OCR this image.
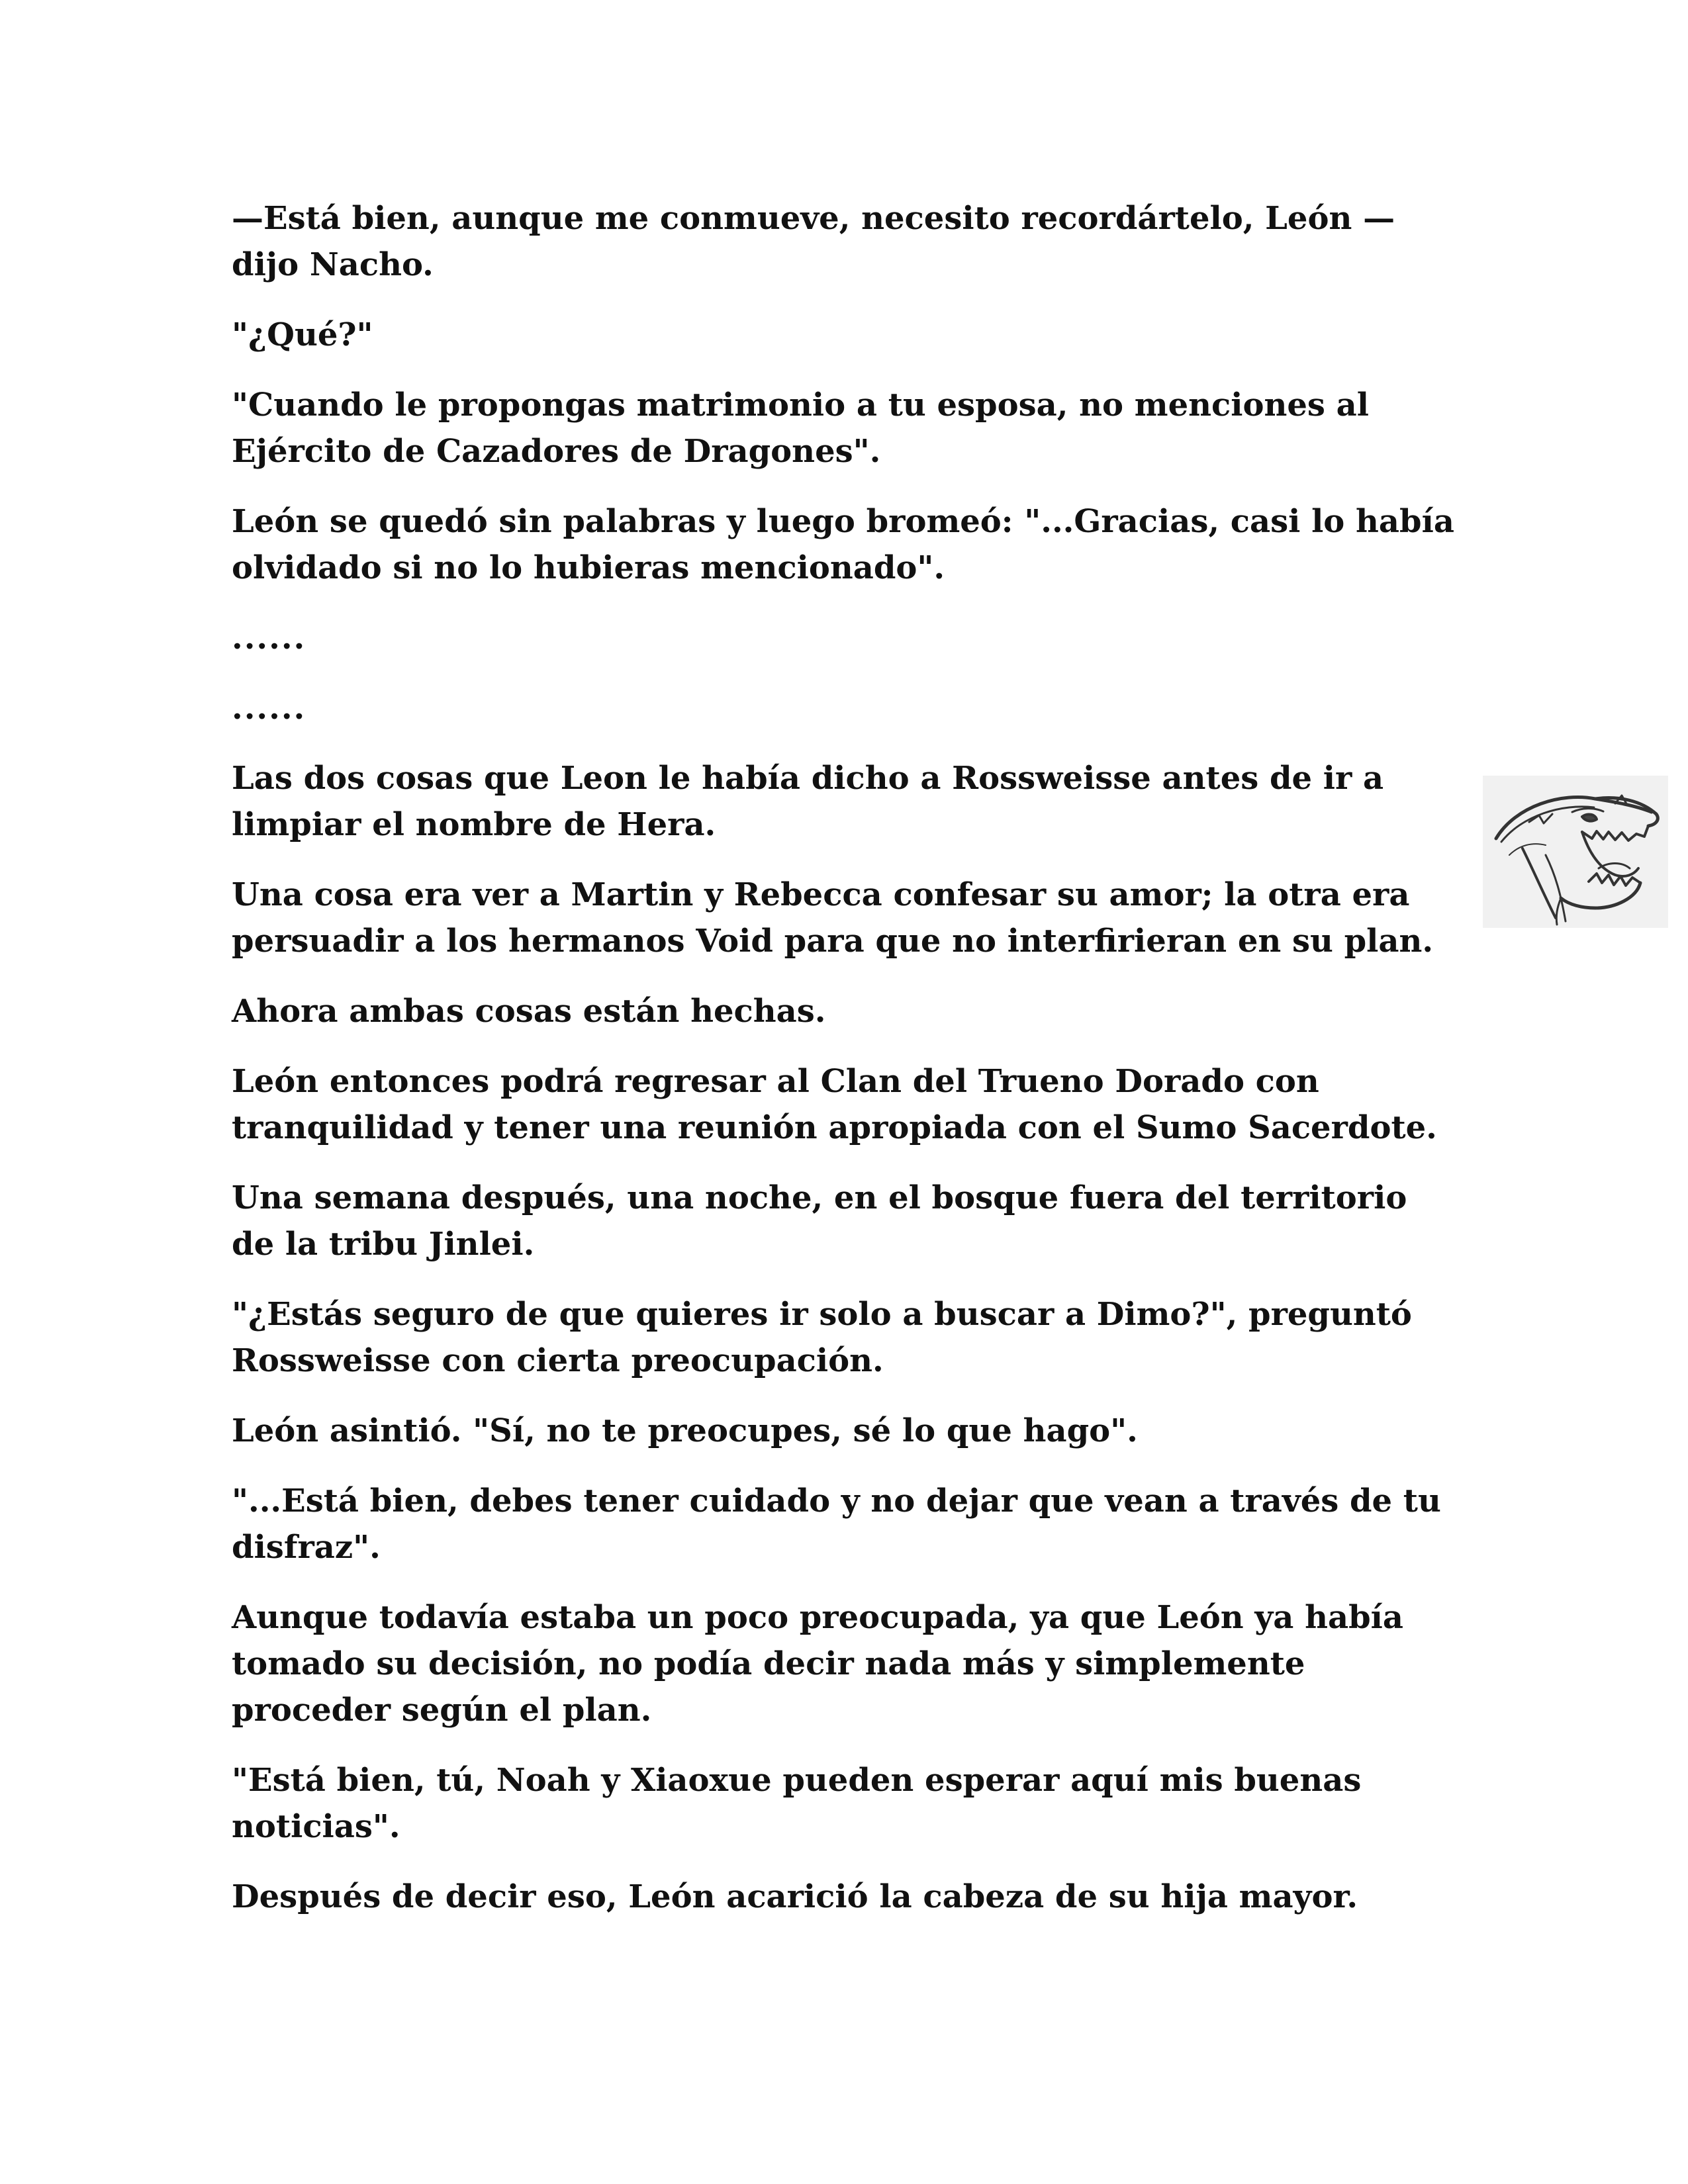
—Está bien, aunque me conmueve, necesito recordártelo, León —dijo Nacho.

"¿Qué?"

"Cuando le propongas matrimonio a tu esposa, no menciones al Ejército de Cazadores de Dragones".

León se quedó sin palabras y luego bromeó: "...Gracias, casi lo había olvidado si no lo hubieras mencionado".

......

......

Las dos cosas que Leon le había dicho a Rossweisse antes de ir a limpiar el nombre de Hera.

Una cosa era ver a Martin y Rebecca confesar su amor; la otra era persuadir a los hermanos Void para que no interfirieran en su plan.

Ahora ambas cosas están hechas.

León entonces podrá regresar al Clan del Trueno Dorado con tranquilidad y tener una reunión apropiada con el Sumo Sacerdote.

Una semana después, una noche, en el bosque fuera del territorio de la tribu Jinlei.

"¿Estás seguro de que quieres ir solo a buscar a Dimo?", preguntó Rossweisse con cierta preocupación.

León asintió. "Sí, no te preocupes, sé lo que hago".

"...Está bien, debes tener cuidado y no dejar que vean a través de tu disfraz".

Aunque todavía estaba un poco preocupada, ya que León ya había tomado su decisión, no podía decir nada más y simplemente proceder según el plan.

"Está bien, tú, Noah y Xiaoxue pueden esperar aquí mis buenas noticias".

Después de decir eso, León acarició la cabeza de su hija mayor.
